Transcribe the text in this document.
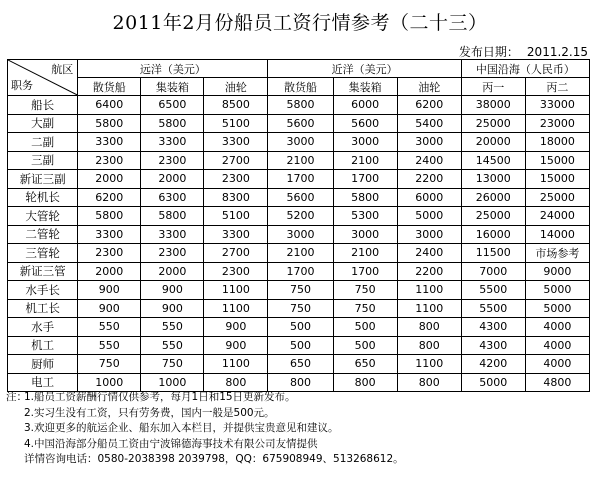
2011年2月份船员工资行情参考（二十三）
发布日期： 2011.2.15
航区
职务	远洋（美元）			近洋（美元）			中国沿海（人民币）	
	散货船	集装箱	油轮	散货船	集装箱	油轮	丙一	丙二
船长	6400	6500	8500	5800	6000	6200	38000	33000
大副	5800	5800	5100	5600	5600	5400	25000	23000
二副	3300	3300	3300	3000	3000	3000	20000	18000
三副	2300	2300	2700	2100	2100	2400	14500	15000
新证三副	2000	2000	2300	1700	1700	2200	13000	15000
轮机长	6200	6300	8300	5600	5800	6000	26000	25000
大管轮	5800	5800	5100	5200	5300	5000	25000	24000
二管轮	3300	3300	3300	3000	3000	3000	16000	14000
三管轮	2300	2300	2700	2100	2100	2400	11500	市场参考
新证三管	2000	2000	2300	1700	1700	2200	7000	9000
水手长	900	900	1100	750	750	1100	5500	5000
机工长	900	900	1100	750	750	1100	5500	5000
水手	550	550	900	500	500	800	4300	4000
机工	550	550	900	500	500	800	4300	4000
厨师	750	750	1100	650	650	1100	4200	4000
电工	1000	1000	800	800	800	800	5000	4800
注：
1.船员工资薪酬行情仅供参考，每月1日和15日更新发布。
2.实习生没有工资，只有劳务费，国内一般是500元。
3.欢迎更多的航运企业、船东加入本栏目，并提供宝贵意见和建议。
4.中国沿海部分船员工资由宁波锦德海事技术有限公司友情提供
详情咨询电话：0580-2038398 2039798，QQ：675908949、513268612。
